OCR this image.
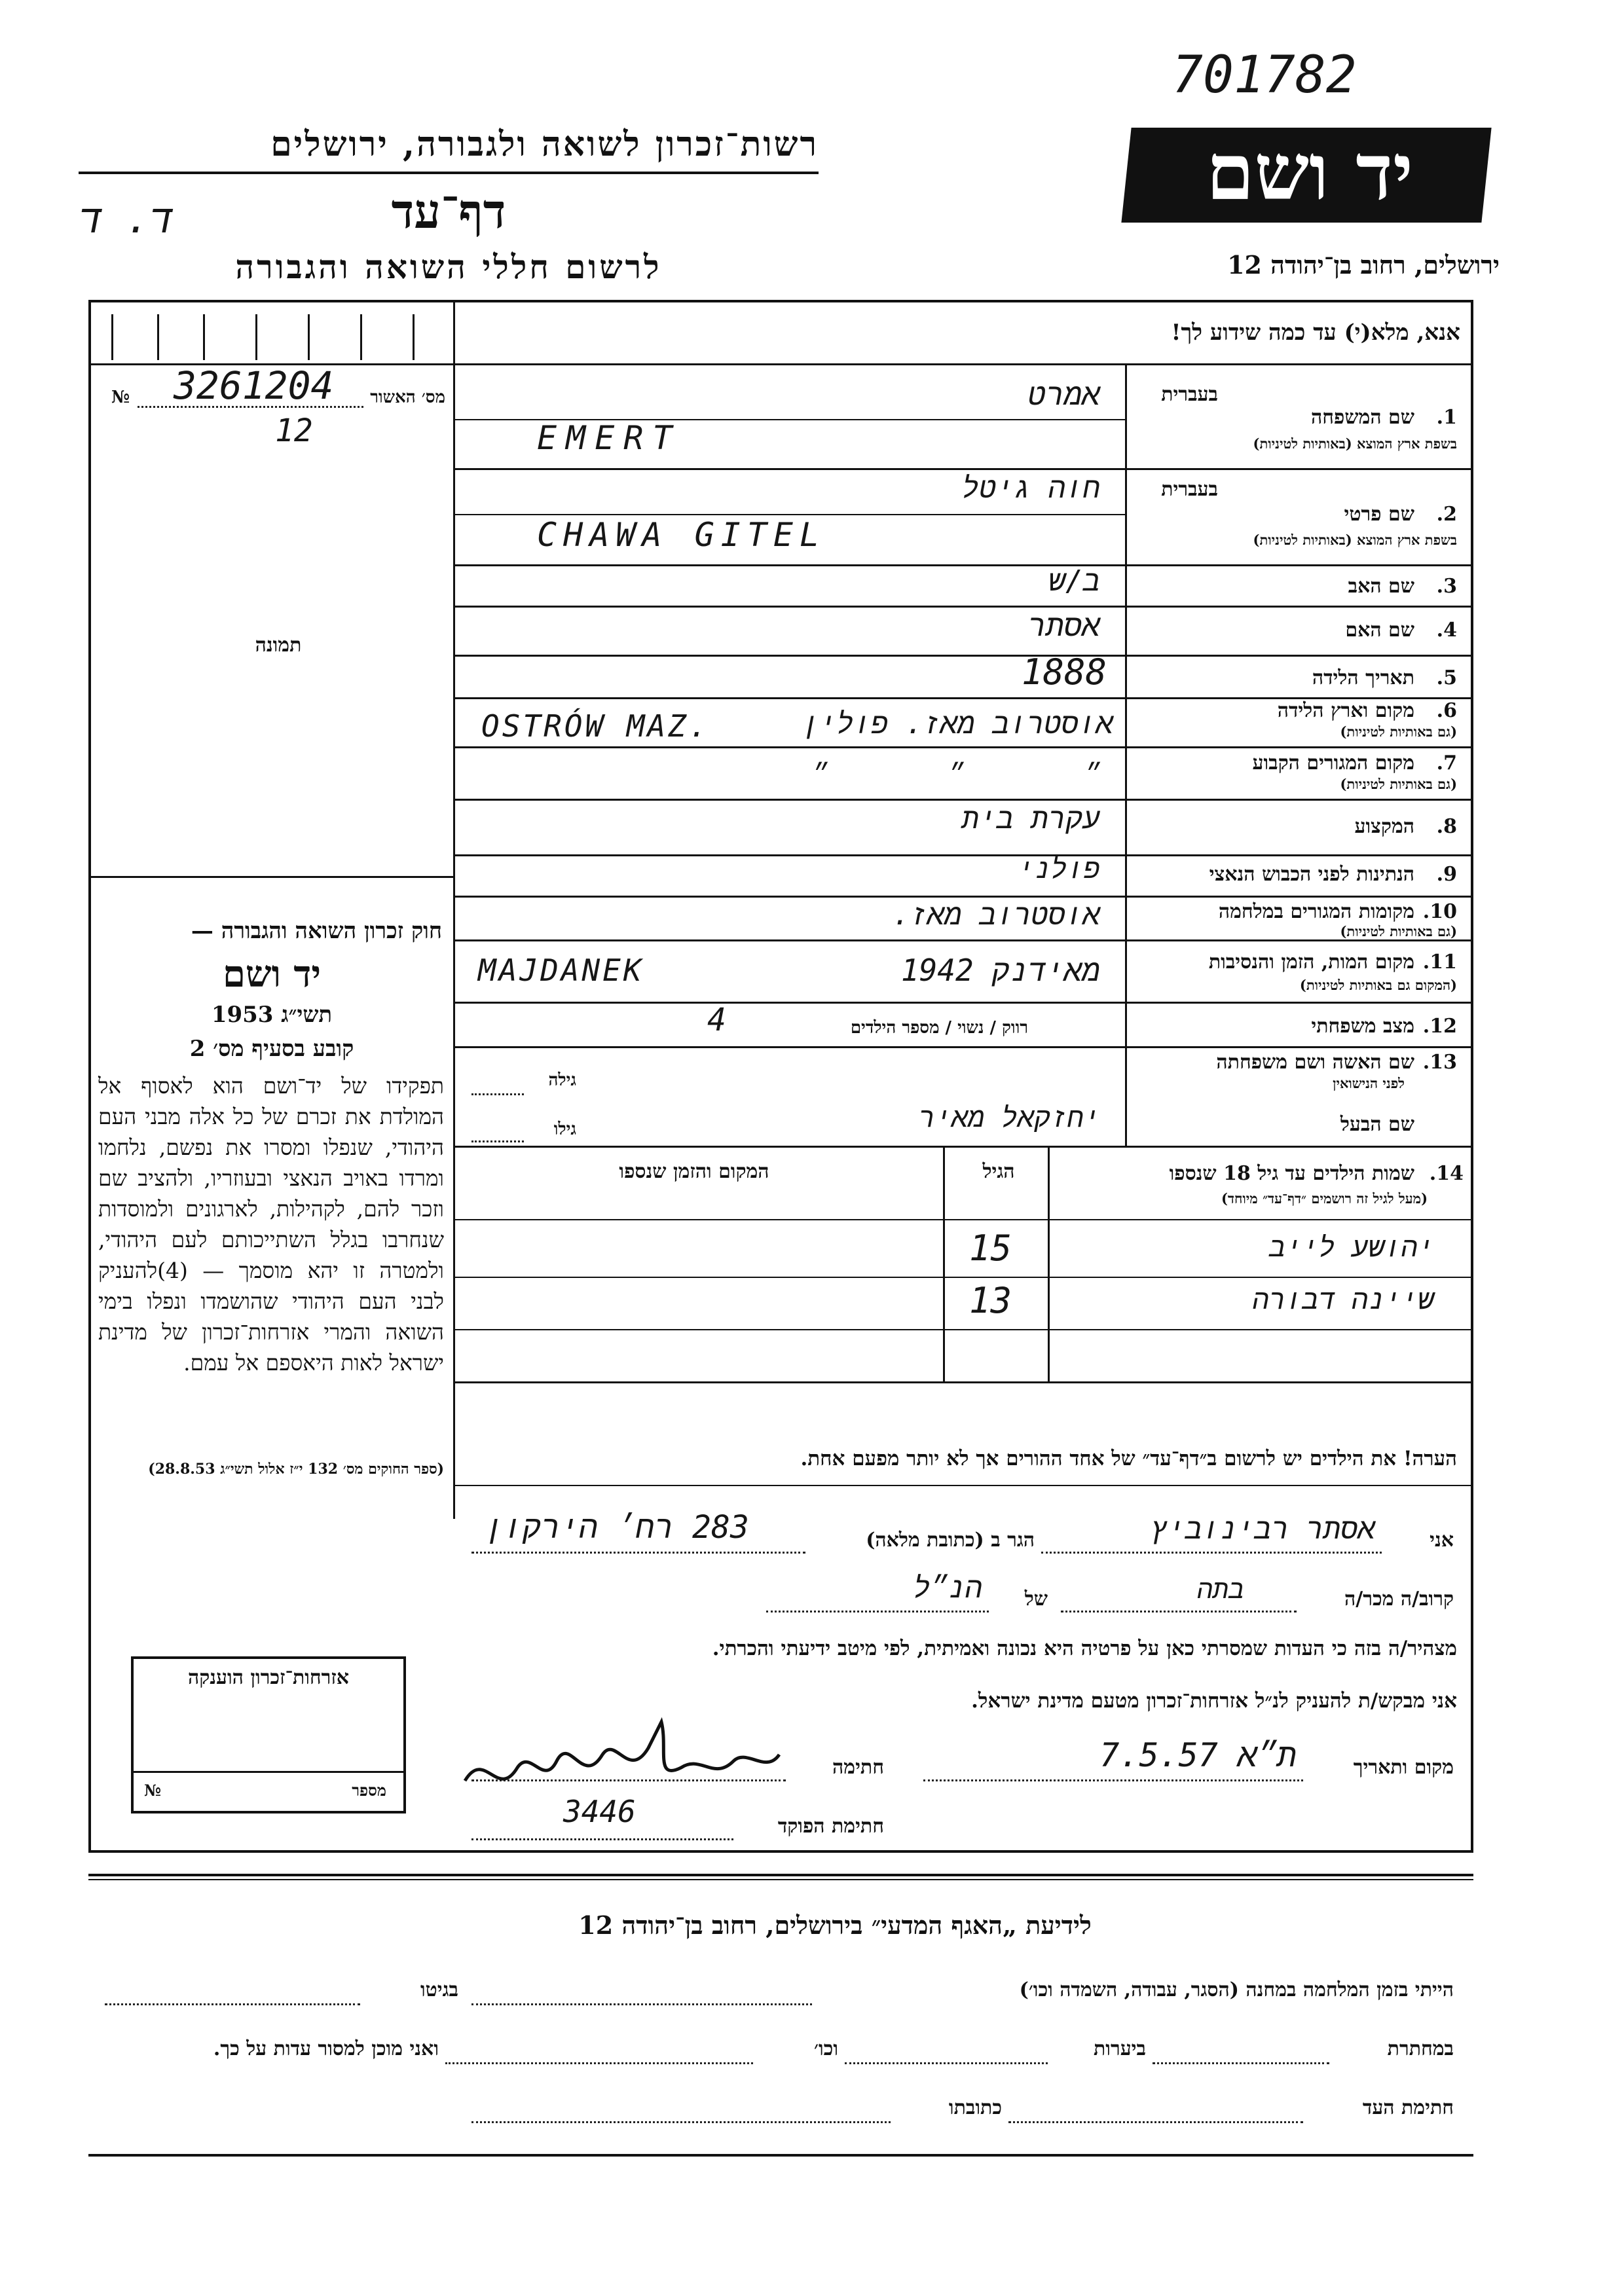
701782
רשות־זכרון לשואה ולגבורה, ירושלים
דף־עד
ד. ד
לרשום חללי השואה והגבורה
יד ושם
ירושלים, רחוב בן־יהודה 12
אנא, מלא(י) עד כמה שידוע לך!
מס׳ האשור
№ 3261204
12
תמונה
חוק זכרון השואה והגבורה —
יד ושם
תשי״ג 1953
קובע בסעיף מס׳ 2
תפקידו של יד־ושם הוא לאסוף אל המולדת את זכרם של כל אלה מבני העם היהודי, שנפלו ומסרו את נפשם, נלחמו ומרדו באויב הנאצי ובעוזריו, ולהציב שם וזכר להם, לקהילות, לארגונים ולמוסדות שנחרבו בגלל השתייכותם לעם היהודי, ולמטרה זו יהא מוסמך — (4)להעניק לבני העם היהודי שהושמדו ונפלו בימי השואה והמרי אזרחות־זכרון של מדינת ישראל לאות היאספם אל עמם.
(ספר החוקים מס׳ 132 י״ז אלול תשי״ג 28.8.53)
בעברית
1.
שם המשפחה
בשפת ארץ המוצא (באותיות לטיניות)
אמרט
EMERT
בעברית
2.
שם פרטי
בשפת ארץ המוצא (באותיות לטיניות)
חוה גיטל
CHAWA GITEL
3.
שם האב
ב/ש
4.
שם האם
אסתר
5.
תאריך הלידה
1888
6.
מקום וארץ הלידה
(גם באותיות לטיניות)
אוסטרוב מאז. פולין
OSTRÓW MAZ.
7.
מקום המגורים הקבוע
(גם באותיות לטיניות)
״ ״ ״
8.
המקצוע
עקרת בית
9.
הנתינות לפני הכבוש הנאצי
פולני
10.
מקומות המגורים במלחמה
(גם באותיות לטיניות)
אוסטרוב מאז.
11.
מקום המות, הזמן והנסיבות
(המקום גם באותיות לטיניות)
מאידנק 1942
MAJDANEK
12.
מצב משפחתי
רווק / נשוי / מספר הילדים
4
13.
שם האשה ושם משפחתה
לפני הנישואין
גילה
שם הבעל
יחזקאל מאיר
גילו
14.
שמות הילדים עד גיל 18 שנספו
(מעל לגיל זה רושמים ״דף־עד״ מיוחד)
הגיל
המקום והזמן שנספו
יהושע לייב
15
שיינה דבורה
13
הערה! את הילדים יש לרשום ב״דף־עד״ של אחד ההורים אך לא יותר מפעם אחת.
אני
אסתר רבינוביץ
הגר ב (כתובת מלאה)
283 רח׳ הירקון
קרוב/ה מכר/ה
בתה
של
הנ״ל
מצהיר/ה בזה כי העדות שמסרתי כאן על פרטיה היא נכונה ואמיתית, לפי מיטב ידיעתי והכרתי.
אני מבקש/ת להעניק לנ״ל אזרחות־זכרון מטעם מדינת ישראל.
מקום ותאריך
ת״א 7.5.57
חתימה
חתימת הפוקד
3446
אזרחות־זכרון הוענקה
מספר
№
לידיעת „האגף המדעי״ בירושלים, רחוב בן־יהודה 12
הייתי בזמן המלחמה במחנה (הסגר, עבודה, השמדה וכו׳)
בגיטו
במחתרת
ביערות
וכו׳
ואני מוכן למסור עדות על כך.
חתימת העד
כתובתו
